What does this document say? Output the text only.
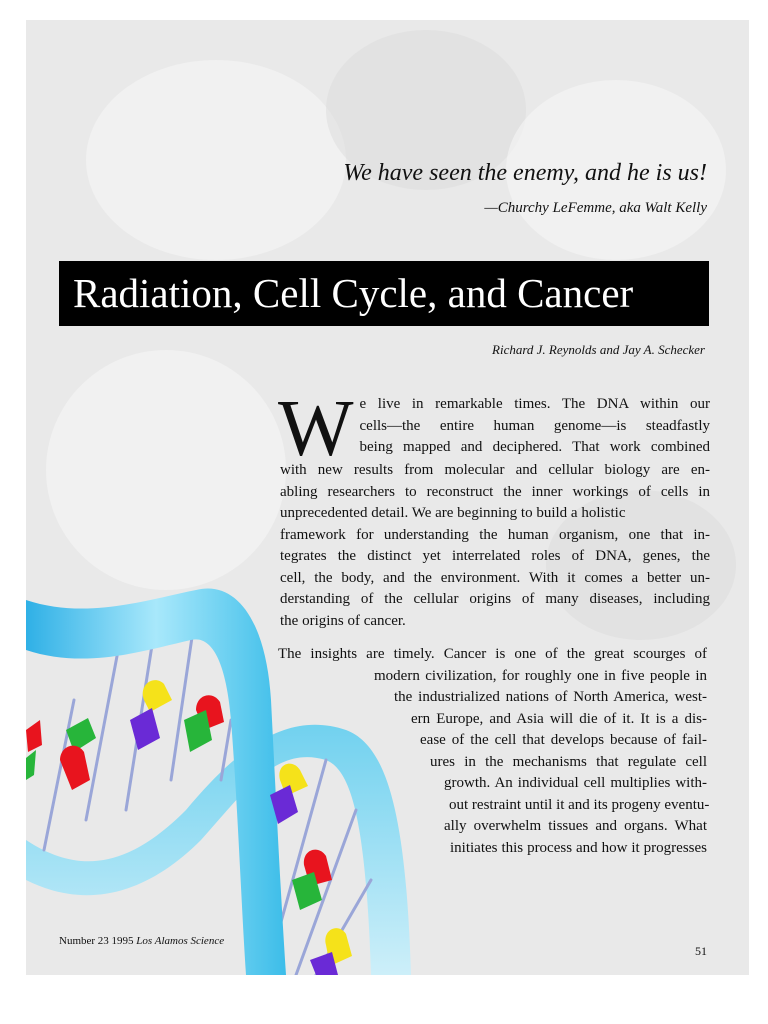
We have seen the enemy, and he is us!
—Churchy LeFemme, aka Walt Kelly
Radiation, Cell Cycle, and Cancer
Richard J. Reynolds and Jay A. Schecker
W e live in remarkable times. The DNA within our
cells—the entire human genome—is steadfastly
being mapped and deciphered. That work combined
with new results from molecular and cellular biology are en-
abling researchers to reconstruct the inner workings of cells in
unprecedented detail. We are beginning to build a holistic
framework for understanding the human organism, one that in-
tegrates the distinct yet interrelated roles of DNA, genes, the
cell, the body, and the environment. With it comes a better un-
derstanding of the cellular origins of many diseases, including
the origins of cancer.
The insights are timely. Cancer is one of the great scourges of
modern civilization, for roughly one in five people in
the industrialized nations of North America, west-
ern Europe, and Asia will die of it. It is a dis-
ease of the cell that develops because of fail-
ures in the mechanisms that regulate cell
growth. An individual cell multiplies with-
out restraint until it and its progeny eventu-
ally overwhelm tissues and organs. What
initiates this process and how it progresses
Number 23 1995 Los Alamos Science
51
